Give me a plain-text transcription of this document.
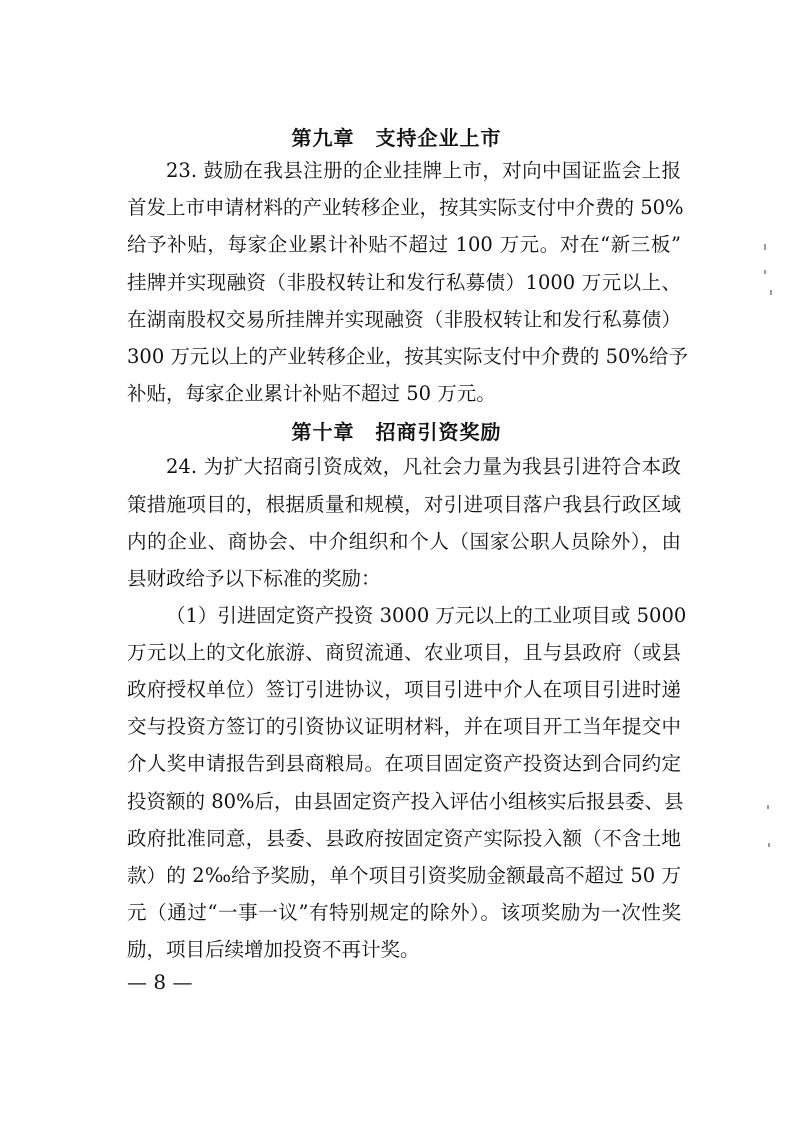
第九章　支持企业上市
23. 鼓励在我县注册的企业挂牌上市，对向中国证监会上报
首发上市申请材料的产业转移企业，按其实际支付中介费的 50%
给予补贴，每家企业累计补贴不超过 100 万元。对在“新三板”
挂牌并实现融资（非股权转让和发行私募债）1000 万元以上、
在湖南股权交易所挂牌并实现融资（非股权转让和发行私募债）
300 万元以上的产业转移企业，按其实际支付中介费的 50%给予
补贴，每家企业累计补贴不超过 50 万元。
第十章　招商引资奖励
24. 为扩大招商引资成效，凡社会力量为我县引进符合本政
策措施项目的，根据质量和规模，对引进项目落户我县行政区域
内的企业、商协会、中介组织和个人（国家公职人员除外），由
县财政给予以下标准的奖励：
（1）引进固定资产投资 3000 万元以上的工业项目或 5000
万元以上的文化旅游、商贸流通、农业项目，且与县政府（或县
政府授权单位）签订引进协议，项目引进中介人在项目引进时递
交与投资方签订的引资协议证明材料，并在项目开工当年提交中
介人奖申请报告到县商粮局。在项目固定资产投资达到合同约定
投资额的 80%后，由县固定资产投入评估小组核实后报县委、县
政府批准同意，县委、县政府按固定资产实际投入额（不含土地
款）的 2‰给予奖励，单个项目引资奖励金额最高不超过 50 万
元（通过“一事一议”有特别规定的除外）。该项奖励为一次性奖
励，项目后续增加投资不再计奖。
— 8 —
